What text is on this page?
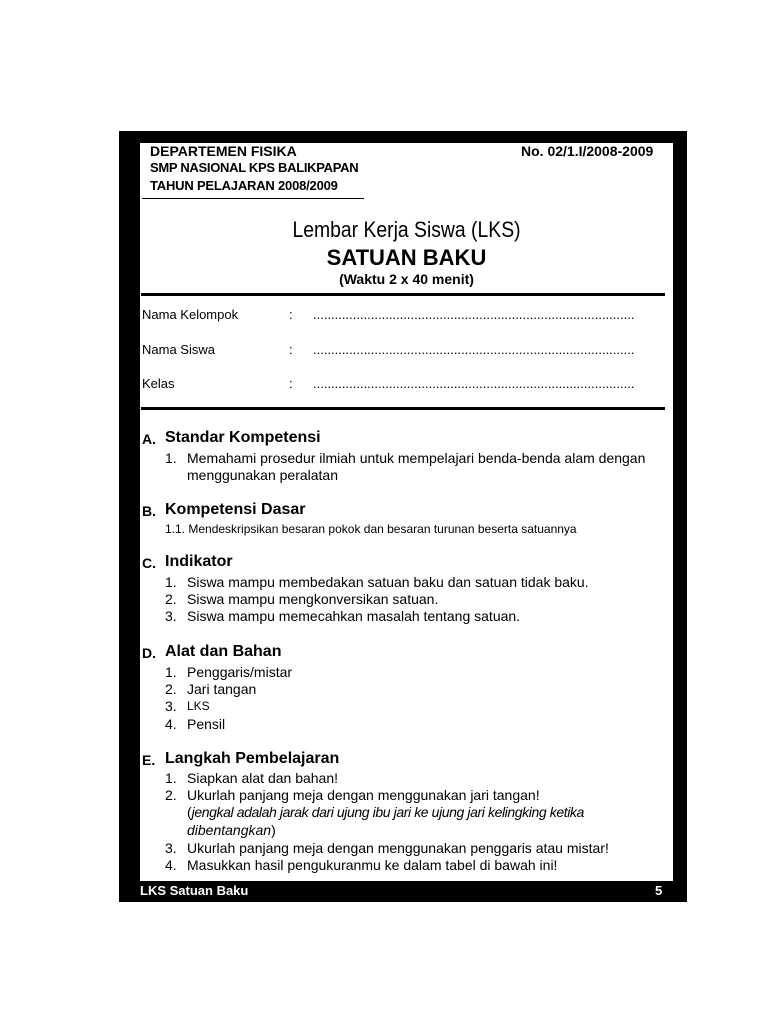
DEPARTEMEN FISIKA	No. 02/1.I/2008-2009
SMP NASIONAL KPS BALIKPAPAN
TAHUN PELAJARAN 2008/2009
Lembar Kerja Siswa (LKS)
SATUAN BAKU
(Waktu 2 x 40 menit)
Nama Kelompok	: .........................................................................................
Nama Siswa	: .........................................................................................
Kelas	: .........................................................................................
A. Standar Kompetensi
1. Memahami prosedur ilmiah untuk mempelajari benda-benda alam dengan
menggunakan peralatan
B. Kompetensi Dasar
1.1. Mendeskripsikan besaran pokok dan besaran turunan beserta satuannya
C. Indikator
1. Siswa mampu membedakan satuan baku dan satuan tidak baku.
2. Siswa mampu mengkonversikan satuan.
3. Siswa mampu memecahkan masalah tentang satuan.
D. Alat dan Bahan
1. Penggaris/mistar
2. Jari tangan
3. LKS
4. Pensil
E. Langkah Pembelajaran
1. Siapkan alat dan bahan!
2. Ukurlah panjang meja dengan menggunakan jari tangan!
(jengkal adalah jarak dari ujung ibu jari ke ujung jari kelingking ketika
dibentangkan)
3. Ukurlah panjang meja dengan menggunakan penggaris atau mistar!
4. Masukkan hasil pengukuranmu ke dalam tabel di bawah ini!
LKS Satuan Baku	5
